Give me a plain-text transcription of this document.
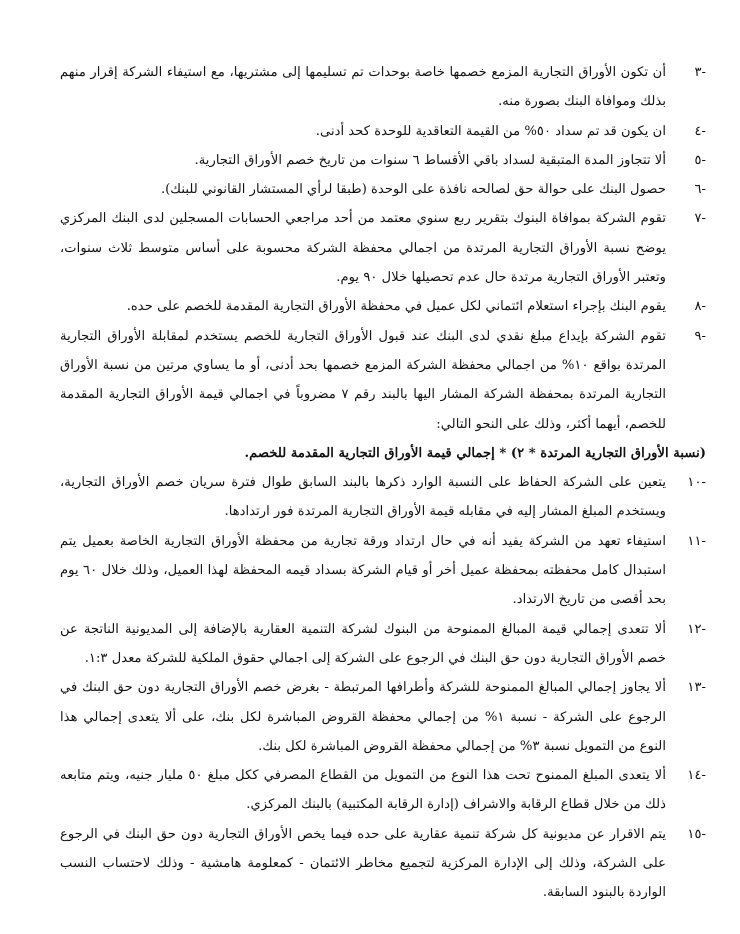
-٣
أن تكون الأوراق التجارية المزمع خصمها خاصة بوحدات تم تسليمها إلى مشتريها، مع استيفاء الشركة إقرار منهم بذلك وموافاة البنك بصورة منه.
-٤
ان يكون قد تم سداد ٥٠% من القيمة التعاقدية للوحدة كحد أدنى.
-٥
ألا تتجاوز المدة المتبقية لسداد باقي الأقساط ٦ سنوات من تاريخ خصم الأوراق التجارية.
-٦
حصول البنك على حوالة حق لصالحه نافذة على الوحدة (طبقا لرأي المستشار القانوني للبنك).
-٧
تقوم الشركة بموافاة البنوك بتقرير ربع سنوي معتمد من أحد مراجعي الحسابات المسجلين لدى البنك المركزي يوضح نسبة الأوراق التجارية المرتدة من اجمالي محفظة الشركة محسوبة على أساس متوسط ثلاث سنوات، وتعتبر الأوراق التجارية مرتدة حال عدم تحصيلها خلال ٩٠ يوم.
-٨
يقوم البنك بإجراء استعلام ائتماني لكل عميل في محفظة الأوراق التجارية المقدمة للخصم على حده.
-٩
تقوم الشركة بإيداع مبلغ نقدي لدى البنك عند قبول الأوراق التجارية للخصم يستخدم لمقابلة الأوراق التجارية المرتدة بواقع ١٠% من اجمالي محفظة الشركة المزمع خصمها بحد أدنى، أو ما يساوي مرتين من نسبة الأوراق التجارية المرتدة بمحفظة الشركة المشار اليها بالبند رقم ٧ مضروباً في اجمالي قيمة الأوراق التجارية المقدمة للخصم، أيهما أكثر، وذلك على النحو التالي:
(نسبة الأوراق التجارية المرتدة * ٢) * إجمالي قيمة الأوراق التجارية المقدمة للخصم.
-١٠
يتعين على الشركة الحفاظ على النسبة الوارد ذكرها بالبند السابق طوال فترة سريان خصم الأوراق التجارية، ويستخدم المبلغ المشار إليه في مقابله قيمة الأوراق التجارية المرتدة فور ارتدادها.
-١١
استيفاء تعهد من الشركة يفيد أنه في حال ارتداد ورقة تجارية من محفظة الأوراق التجارية الخاصة بعميل يتم استبدال كامل محفظته بمحفظة عميل أخر أو قيام الشركة بسداد قيمه المحفظة لهذا العميل، وذلك خلال ٦٠ يوم بحد أقصى من تاريخ الارتداد.
-١٢
ألا تتعدى إجمالي قيمة المبالغ الممنوحة من البنوك لشركة التنمية العقارية بالإضافة إلى المديونية الناتجة عن خصم الأوراق التجارية دون حق البنك في الرجوع على الشركة إلى اجمالي حقوق الملكية للشركة معدل ١:٣.
-١٣
ألا يجاوز إجمالي المبالغ الممنوحة للشركة وأطرافها المرتبطة - بغرض خصم الأوراق التجارية دون حق البنك في الرجوع على الشركة - نسبة ١% من إجمالي محفظة القروض المباشرة لكل بنك، على ألا يتعدى إجمالي هذا النوع من التمويل نسبة ٣% من إجمالي محفظة القروض المباشرة لكل بنك.
-١٤
ألا يتعدى المبلغ الممنوح تحت هذا النوع من التمويل من القطاع المصرفي ككل مبلغ ٥٠ مليار جنيه، ويتم متابعه ذلك من خلال قطاع الرقابة والاشراف (إدارة الرقابة المكتبية) بالبنك المركزي.
-١٥
يتم الاقرار عن مديونية كل شركة تنمية عقارية على حده فيما يخص الأوراق التجارية دون حق البنك في الرجوع على الشركة، وذلك إلى الإدارة المركزية لتجميع مخاطر الائتمان - كمعلومة هامشية - وذلك لاحتساب النسب الواردة بالبنود السابقة.
